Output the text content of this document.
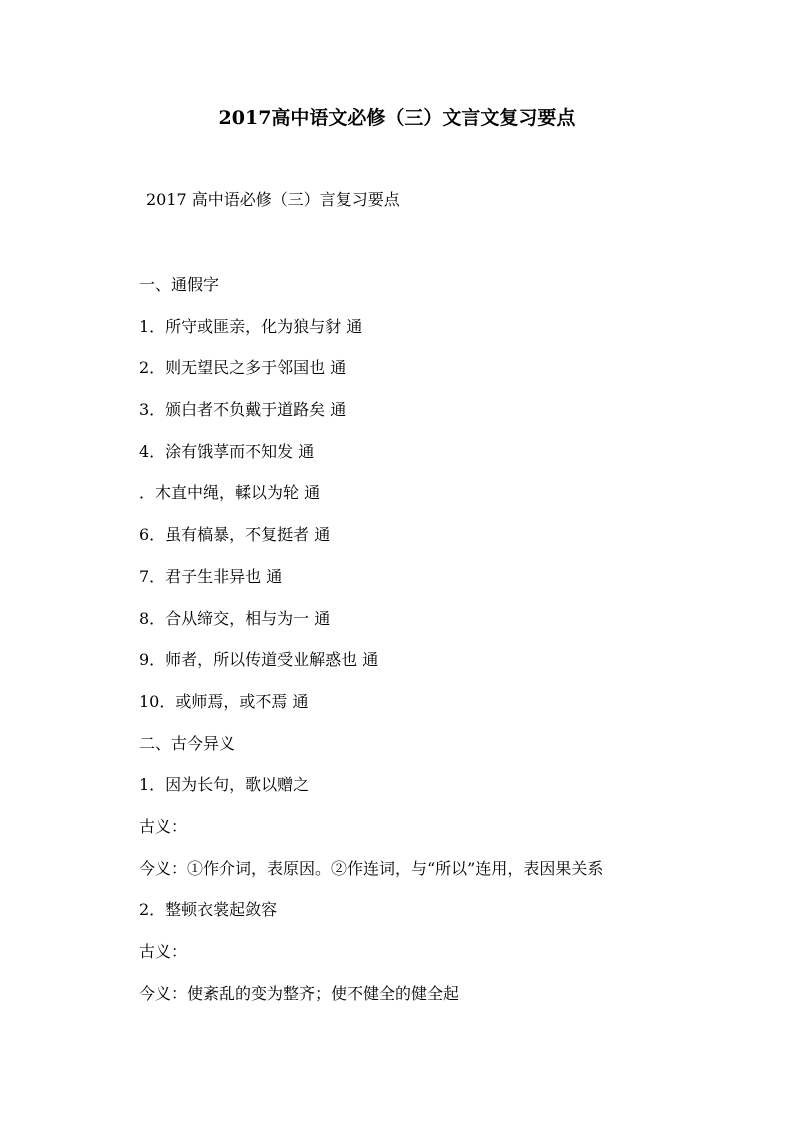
2017高中语文必修（三）文言文复习要点
2017 高中语必修（三）言复习要点
一、通假字
1．所守或匪亲，化为狼与豺 通
2．则无望民之多于邻国也 通
3．颁白者不负戴于道路矣 通
4．涂有饿莩而不知发 通
．木直中绳，輮以为轮 通
6．虽有槁暴，不复挺者 通
7．君子生非异也 通
8．合从缔交，相与为一 通
9．师者，所以传道受业解惑也 通
10．或师焉，或不焉 通
二、古今异义
1．因为长句，歌以赠之
古义：
今义：①作介词，表原因。②作连词，与“所以”连用，表因果关系
2．整顿衣裳起敛容
古义：
今义：使紊乱的变为整齐；使不健全的健全起
